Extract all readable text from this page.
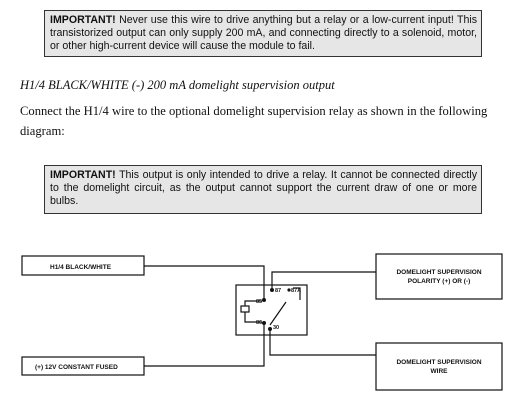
IMPORTANT! Never use this wire to drive anything but a relay or a low-current input! This transistorized output can only supply 200 mA, and connecting directly to a solenoid, motor, or other high-current device will cause the module to fail.
H1/4 BLACK/WHITE (-) 200 mA domelight supervision output
Connect the H1/4 wire to the optional domelight supervision relay as shown in the following diagram:
IMPORTANT! This output is only intended to drive a relay. It cannot be connected directly to the domelight circuit, as the output cannot support the current draw of one or more bulbs.
H1/4 BLACK/WHITE
(+) 12V CONSTANT FUSED
DOMELIGHT SUPERVISION
POLARITY (+) OR (-)
DOMELIGHT SUPERVISION
WIRE
87 87A
85
86
30
